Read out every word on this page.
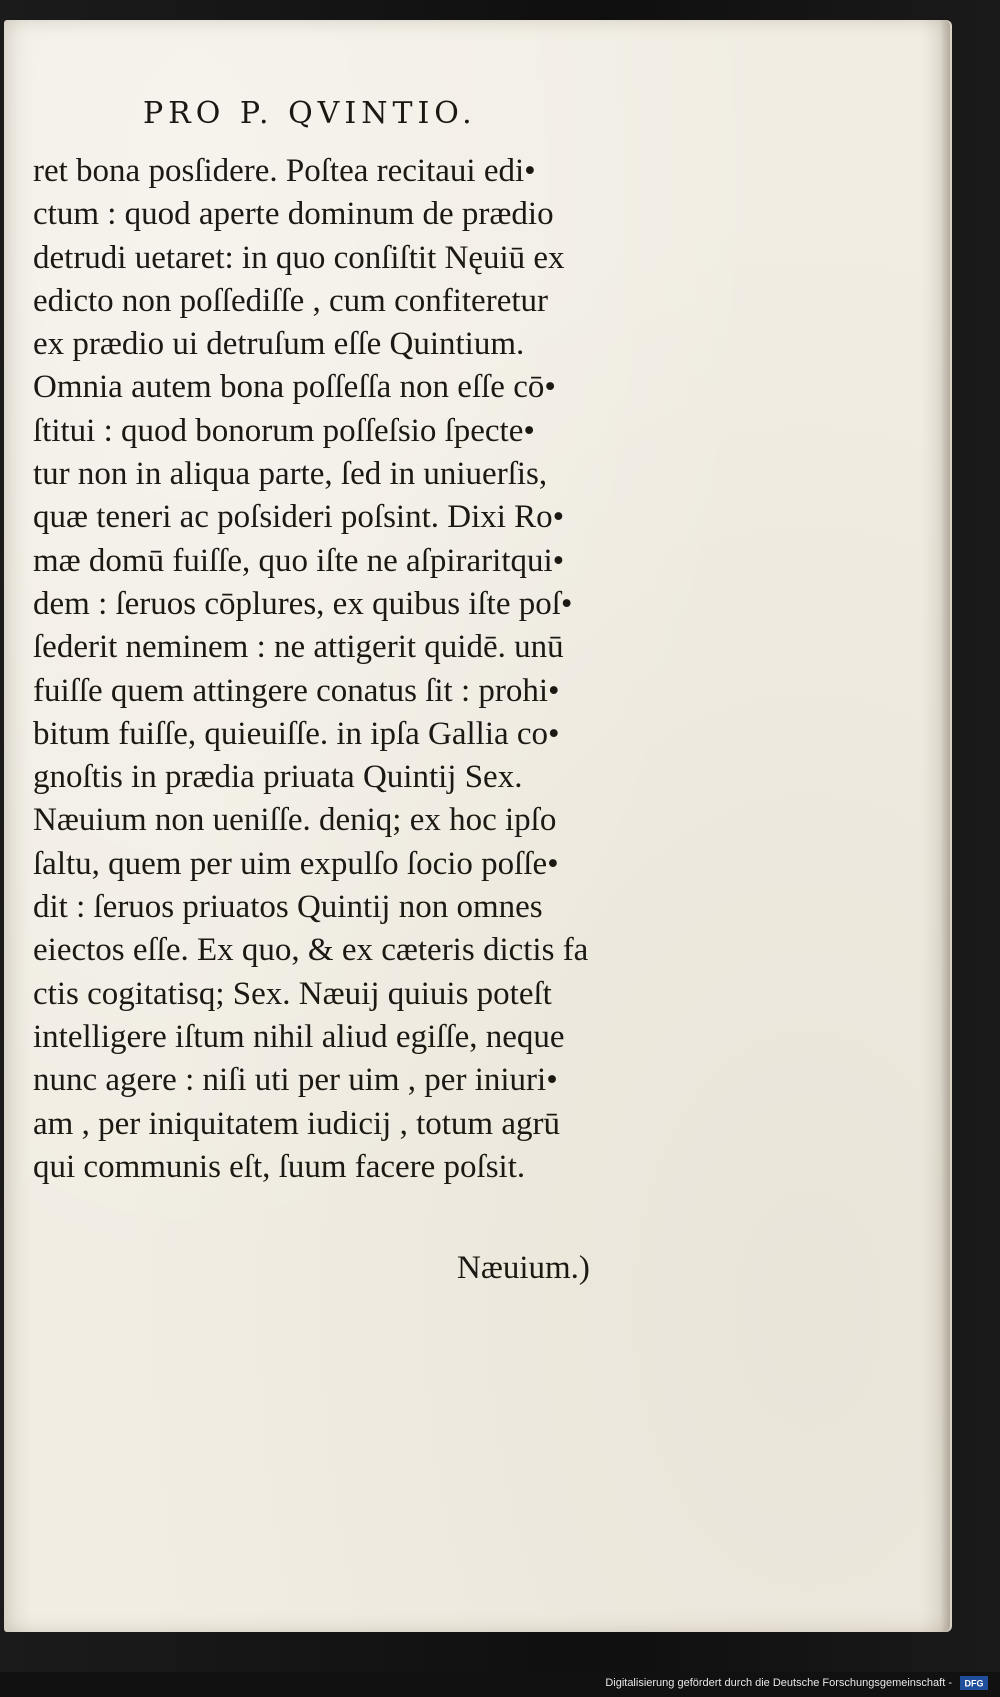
PRO P. QVINTIO.
ret bona posſidere. Poſtea recitaui edi•
ctum : quod aperte dominum de prædio
detrudi uetaret: in quo conſiſtit Nęuiū ex
edicto non poſſediſſe , cum confiteretur
ex prædio ui detruſum eſſe Quintium.
Omnia autem bona poſſeſſa non eſſe cō•
ſtitui : quod bonorum poſſeſsio ſpecte•
tur non in aliqua parte, ſed in uniuerſis,
quæ teneri ac poſsideri poſsint. Dixi Ro•
mæ domū fuiſſe, quo iſte ne aſpiraritqui•
dem : ſeruos cōplures, ex quibus iſte poſ•
ſederit neminem : ne attigerit quidē. unū
fuiſſe quem attingere conatus ſit : prohi•
bitum fuiſſe, quieuiſſe. in ipſa Gallia co•
gnoſtis in prædia priuata Quintij Sex.
Næuium non ueniſſe. deniq; ex hoc ipſo
ſaltu, quem per uim expulſo ſocio poſſe•
dit : ſeruos priuatos Quintij non omnes
eiectos eſſe. Ex quo, & ex cæteris dictis fa
ctis cogitatisq; Sex. Næuij quiuis poteſt
intelligere iſtum nihil aliud egiſſe, neque
nunc agere : niſi uti per uim , per iniuri•
am , per iniquitatem iudicij , totum agrū
qui communis eſt, ſuum facere poſsit.
Næuium.)
Digitalisierung gefördert durch die Deutsche Forschungsgemeinschaft - DFG
